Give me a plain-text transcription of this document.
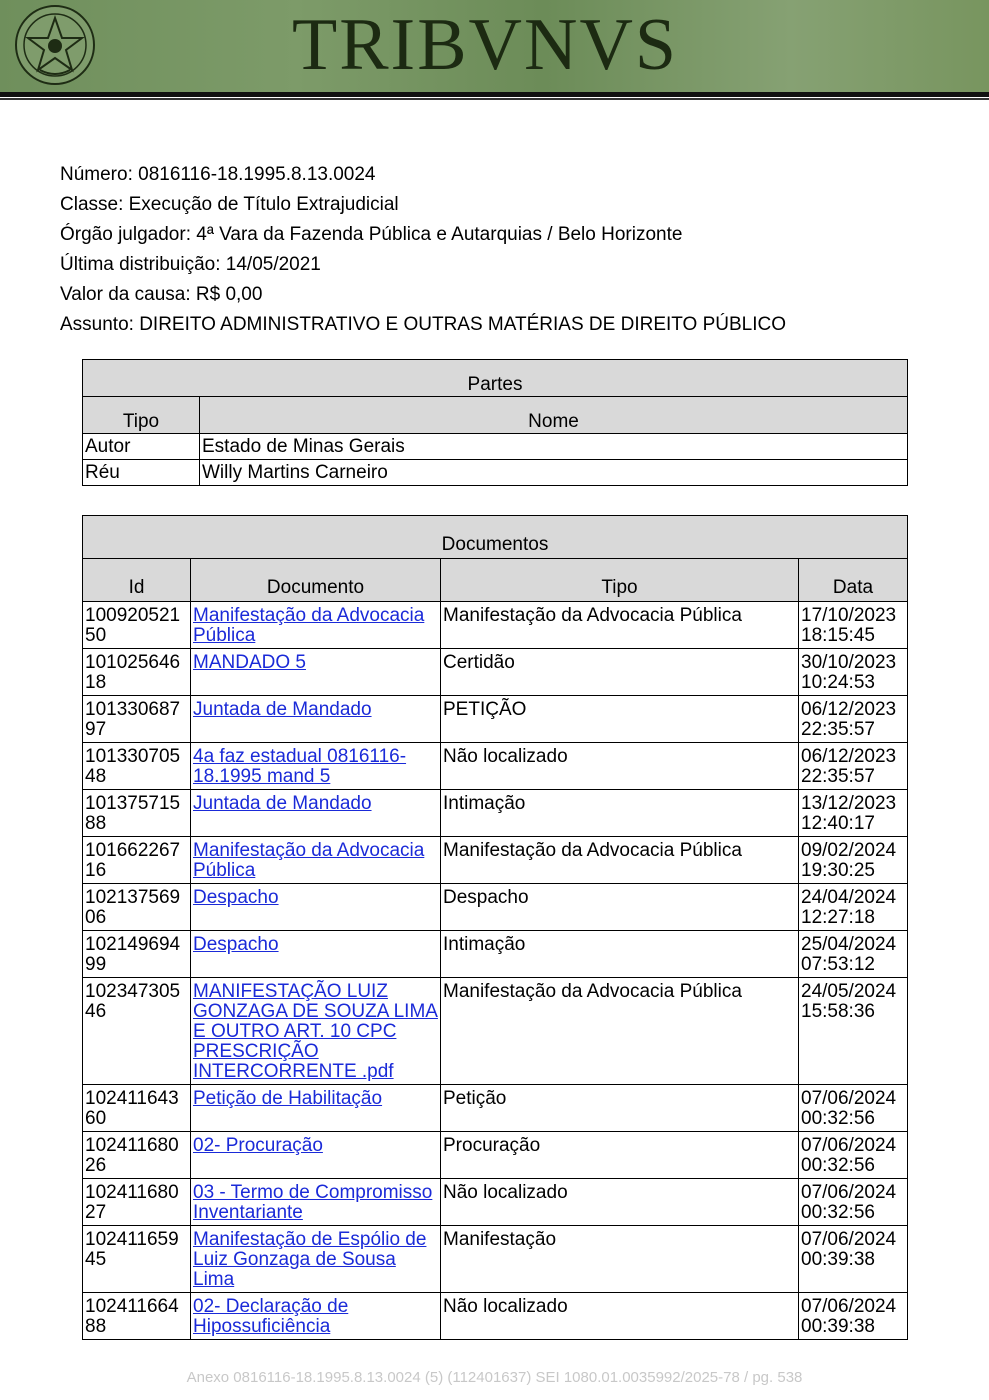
TRIBVNVS
Número: 0816116-18.1995.8.13.0024
Classe: Execução de Título Extrajudicial
Órgão julgador: 4ª Vara da Fazenda Pública e Autarquias / Belo Horizonte
Última distribuição: 14/05/2021
Valor da causa: R$ 0,00
Assunto: DIREITO ADMINISTRATIVO E OUTRAS MATÉRIAS DE DIREITO PÚBLICO
Partes	
Tipo	Nome
Autor	Estado de Minas Gerais
Réu	Willy Martins Carneiro
Documentos			
Id	Documento	Tipo	Data
10092052150	Manifestação da Advocacia Pública	Manifestação da Advocacia Pública	17/10/2023 18:15:45
10102564618	MANDADO 5	Certidão	30/10/2023 10:24:53
10133068797	Juntada de Mandado	PETIÇÃO	06/12/2023 22:35:57
10133070548	4a faz estadual 0816116-18.1995 mand 5	Não localizado	06/12/2023 22:35:57
10137571588	Juntada de Mandado	Intimação	13/12/2023 12:40:17
10166226716	Manifestação da Advocacia Pública	Manifestação da Advocacia Pública	09/02/2024 19:30:25
10213756906	Despacho	Despacho	24/04/2024 12:27:18
10214969499	Despacho	Intimação	25/04/2024 07:53:12
10234730546	MANIFESTAÇÃO LUIZ GONZAGA DE SOUZA LIMA E OUTRO ART. 10 CPC PRESCRIÇÃO INTERCORRENTE .pdf	Manifestação da Advocacia Pública	24/05/2024 15:58:36
10241164360	Petição de Habilitação	Petição	07/06/2024 00:32:56
10241168026	02- Procuração	Procuração	07/06/2024 00:32:56
10241168027	03 - Termo de Compromisso Inventariante	Não localizado	07/06/2024 00:32:56
10241165945	Manifestação de Espólio de Luiz Gonzaga de Sousa Lima	Manifestação	07/06/2024 00:39:38
10241166488	02- Declaração de Hipossuficiência	Não localizado	07/06/2024 00:39:38
Anexo 0816116-18.1995.8.13.0024 (5) (112401637) SEI 1080.01.0035992/2025-78 / pg. 538
